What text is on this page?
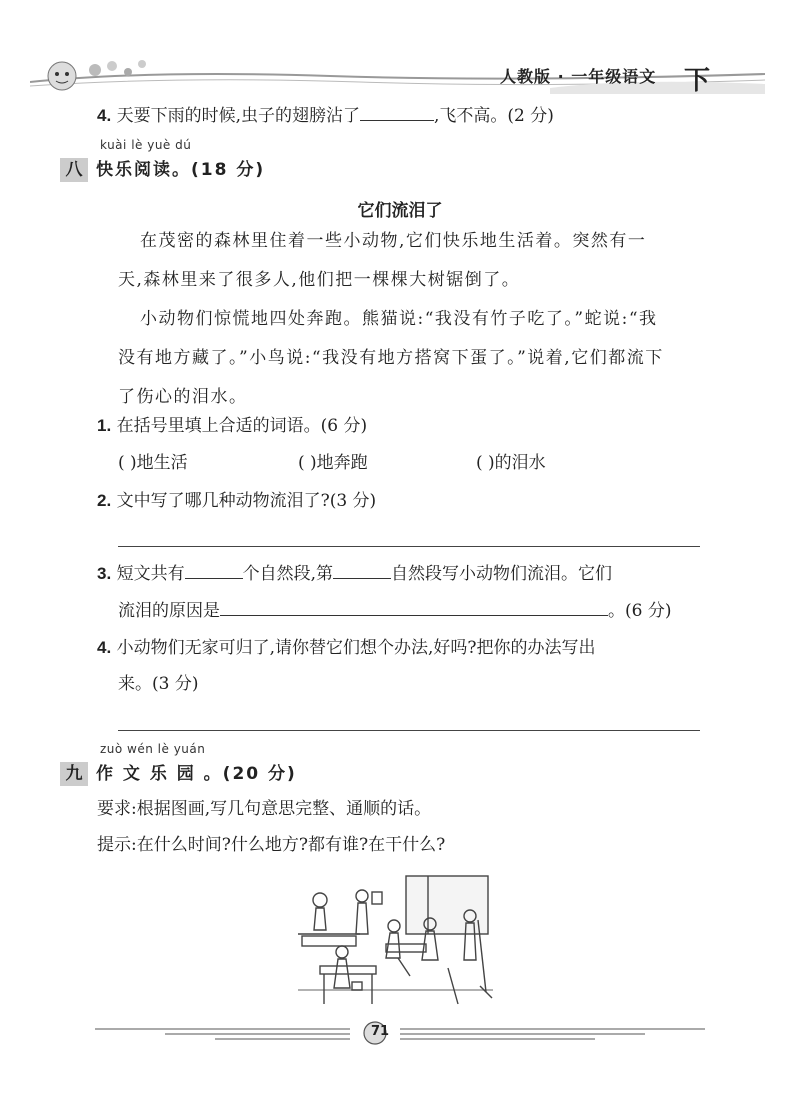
人教版 · 一年级语文 下
4. 天要下雨的时候,虫子的翅膀沾了	,飞不高。(2 分)
kuài lè yuè dú
八 快乐阅读。(18 分)
它们流泪了
在茂密的森林里住着一些小动物,它们快乐地生活着。突然有一
天,森林里来了很多人,他们把一棵棵大树锯倒了。
小动物们惊慌地四处奔跑。熊猫说:“我没有竹子吃了。”蛇说:“我
没有地方藏了。”小鸟说:“我没有地方搭窝下蛋了。”说着,它们都流下
了伤心的泪水。
1. 在括号里填上合适的词语。(6 分)
( )地生活	( )地奔跑	( )的泪水
2. 文中写了哪几种动物流泪了?(3 分)
3. 短文共有	个自然段,第	自然段写小动物们流泪。它们
流泪的原因是	。(6 分)
4. 小动物们无家可归了,请你替它们想个办法,好吗?把你的办法写出
来。(3 分)
zuò wén lè yuán
九 作 文 乐 园 。(20 分)
要求:根据图画,写几句意思完整、通顺的话。
提示:在什么时间?什么地方?都有谁?在干什么?
71
